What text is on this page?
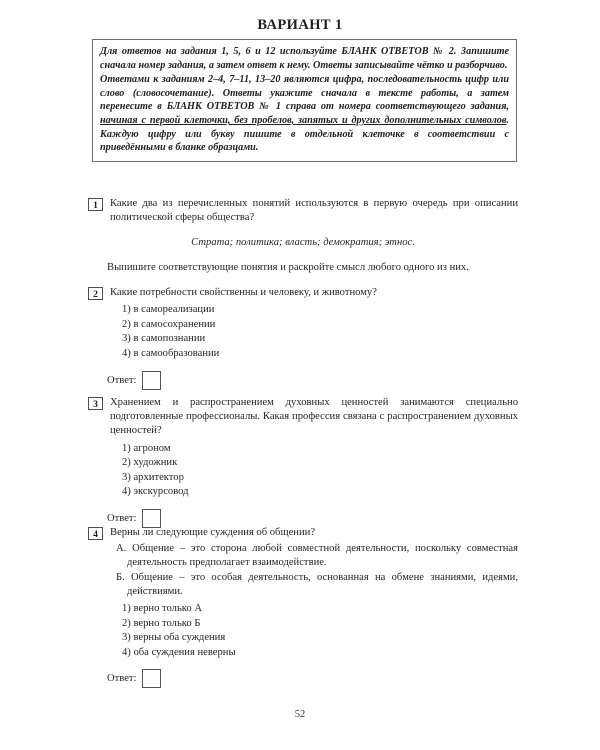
ВАРИАНТ 1

Для ответов на задания 1, 5, 6 и 12 используйте БЛАНК ОТВЕТОВ № 2. Запишите сначала номер задания, а затем ответ к нему. Ответы записывайте чётко и разборчиво.

Ответами к заданиям 2–4, 7–11, 13–20 являются цифра, последовательность цифр или слово (словосочетание). Ответы укажите сначала в тексте работы, а затем перенесите в БЛАНК ОТВЕТОВ № 1 справа от номера соответствующего задания, начиная с первой клеточки, без пробелов, запятых и других дополнительных символов. Каждую цифру или букву пишите в отдельной клеточке в соответствии с приведёнными в бланке образцами.

1	Какие два из перечисленных понятий используются в первую очередь при описании политической сферы общества?
Страта; политика; власть; демократия; этнос.
Выпишите соответствующие понятия и раскройте смысл любого одного из них.
2	Какие потребности свойственны и человеку, и животному?
1) в самореализации
2) в самосохранении
3) в самопознании
4) в самообразовании
Ответ:
3	Хранением и распространением духовных ценностей занимаются специально подготовленные профессионалы. Какая профессия связана с распространением духовных ценностей?
1) агроном
2) художник
3) архитектор
4) экскурсовод
Ответ:
4	Верны ли следующие суждения об общении?
А. Общение – это сторона любой совместной деятельности, поскольку совместная деятельность предполагает взаимодействие.
Б. Общение – это особая деятельность, основанная на обмене знаниями, идеями, действиями.
1) верно только А
2) верно только Б
3) верны оба суждения
4) оба суждения неверны
Ответ:
52
